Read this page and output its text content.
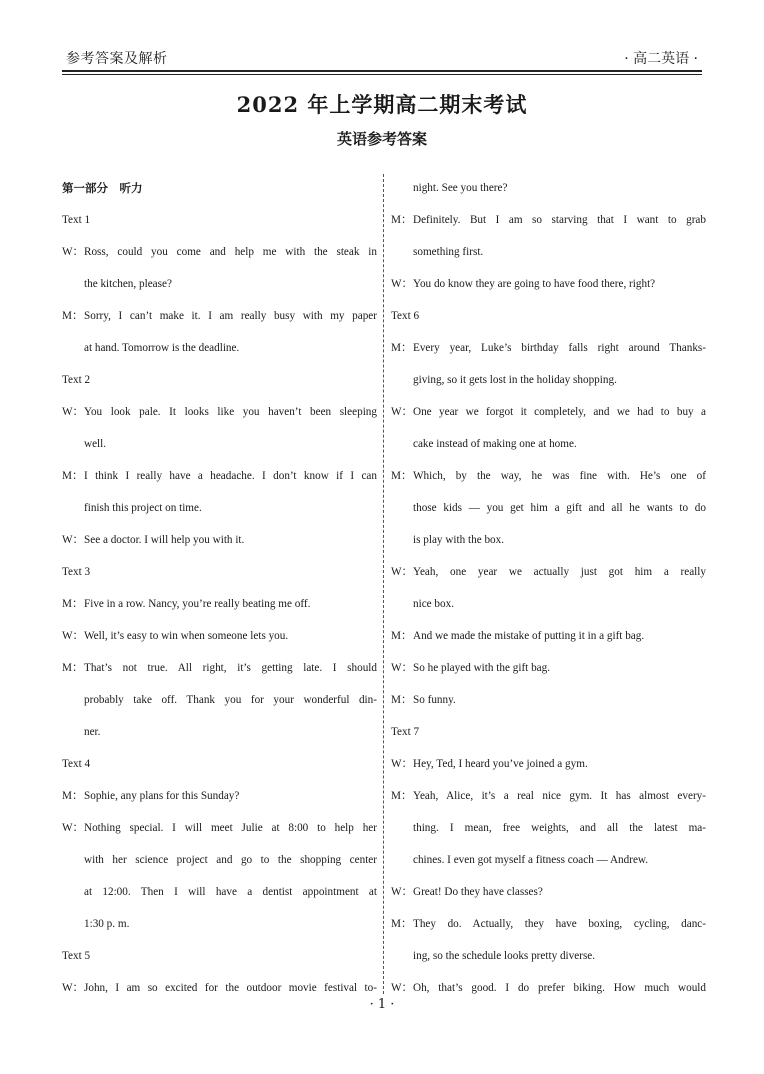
参考答案及解析	· 高二英语 ·
2022 年上学期高二期末考试
英语参考答案
第一部分　听力
Text 1
W：Ross, could you come and help me with the steak in
the kitchen, please?
M：Sorry, I can’t make it. I am really busy with my paper
at hand. Tomorrow is the deadline.
Text 2
W：You look pale. It looks like you haven’t been sleeping
well.
M：I think I really have a headache. I don’t know if I can
finish this project on time.
W：See a doctor. I will help you with it.
Text 3
M：Five in a row. Nancy, you’re really beating me off.
W：Well, it’s easy to win when someone lets you.
M：That’s not true. All right, it’s getting late. I should
probably take off. Thank you for your wonderful din-
ner.
Text 4
M：Sophie, any plans for this Sunday?
W：Nothing special. I will meet Julie at 8:00 to help her
with her science project and go to the shopping center
at 12:00. Then I will have a dentist appointment at
1:30 p. m.
Text 5
W：John, I am so excited for the outdoor movie festival to-
night. See you there?
M：Definitely. But I am so starving that I want to grab
something first.
W：You do know they are going to have food there, right?
Text 6
M：Every year, Luke’s birthday falls right around Thanks-
giving, so it gets lost in the holiday shopping.
W：One year we forgot it completely, and we had to buy a
cake instead of making one at home.
M：Which, by the way, he was fine with. He’s one of
those kids — you get him a gift and all he wants to do
is play with the box.
W：Yeah, one year we actually just got him a really
nice box.
M：And we made the mistake of putting it in a gift bag.
W：So he played with the gift bag.
M：So funny.
Text 7
W：Hey, Ted, I heard you’ve joined a gym.
M：Yeah, Alice, it’s a real nice gym. It has almost every-
thing. I mean, free weights, and all the latest ma-
chines. I even got myself a fitness coach — Andrew.
W：Great! Do they have classes?
M：They do. Actually, they have boxing, cycling, danc-
ing, so the schedule looks pretty diverse.
W：Oh, that’s good. I do prefer biking. How much would
· 1 ·
